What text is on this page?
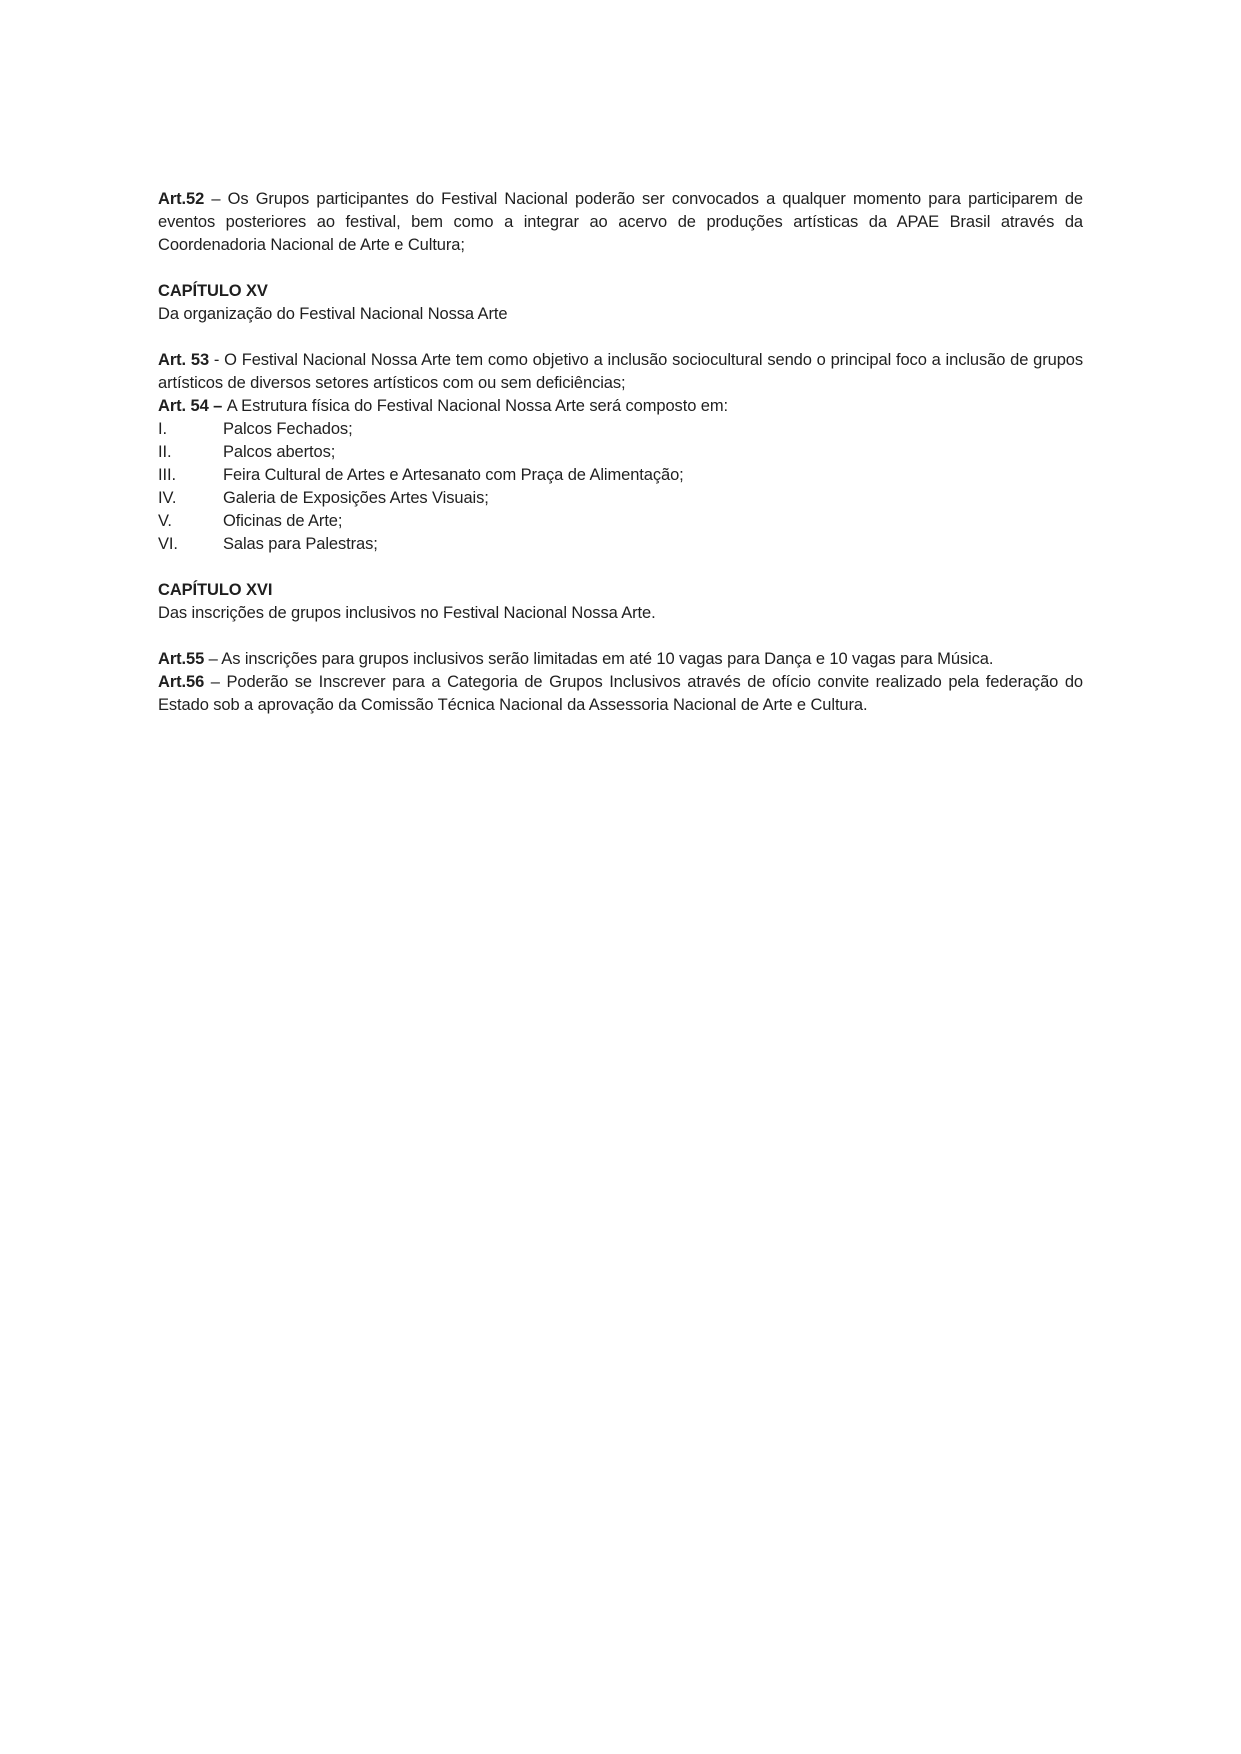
Art.52 – Os Grupos participantes do Festival Nacional poderão ser convocados a qualquer momento para participarem de eventos posteriores ao festival, bem como a integrar ao acervo de produções artísticas da APAE Brasil através da Coordenadoria Nacional de Arte e Cultura;

CAPÍTULO XV

Da organização do Festival Nacional Nossa Arte

Art. 53 - O Festival Nacional Nossa Arte tem como objetivo a inclusão sociocultural sendo o principal foco a inclusão de grupos artísticos de diversos setores artísticos com ou sem deficiências;

Art. 54 – A Estrutura física do Festival Nacional Nossa Arte será composto em:

I.	Palcos Fechados;
II.	Palcos abertos;
III.	Feira Cultural de Artes e Artesanato com Praça de Alimentação;
IV.	Galeria de Exposições Artes Visuais;
V.	Oficinas de Arte;
VI.	Salas para Palestras;

CAPÍTULO XVI

Das inscrições de grupos inclusivos no Festival Nacional Nossa Arte.

Art.55 – As inscrições para grupos inclusivos serão limitadas em até 10 vagas para Dança e 10 vagas para Música.

Art.56 – Poderão se Inscrever para a Categoria de Grupos Inclusivos através de ofício convite realizado pela federação do Estado sob a aprovação da Comissão Técnica Nacional da Assessoria Nacional de Arte e Cultura.
